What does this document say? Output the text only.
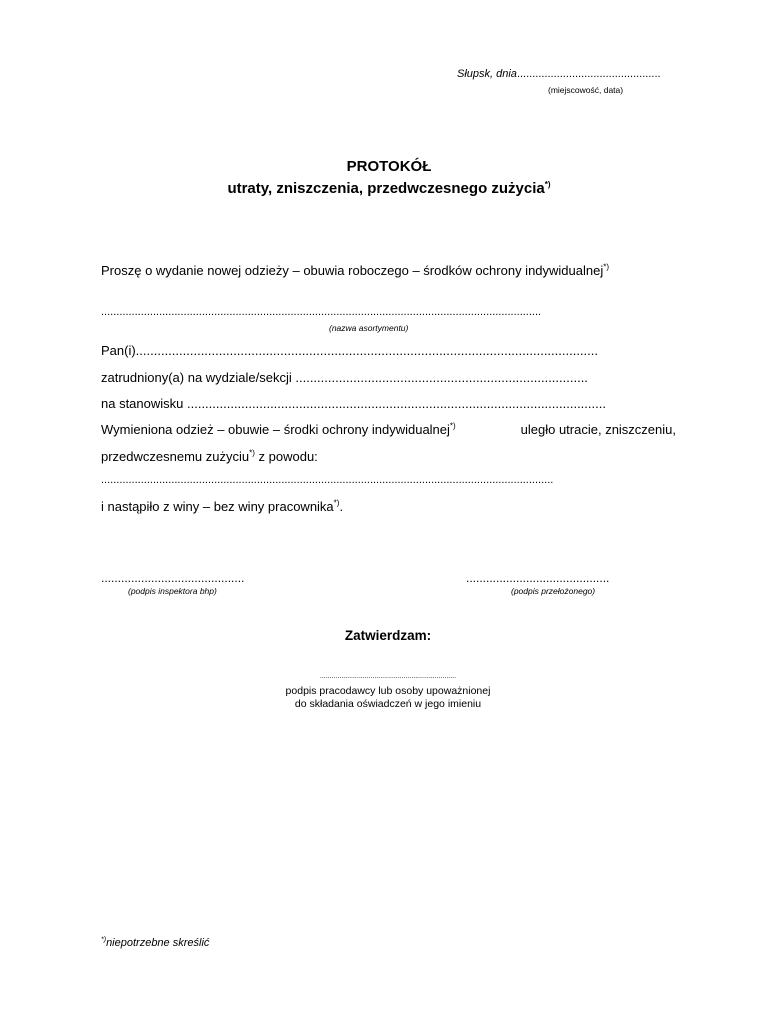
Słupsk, dnia...............................................
(miejscowość, data)
PROTOKÓŁ
utraty, zniszczenia, przedwczesnego zużycia*)
Proszę o wydanie nowej odzieży – obuwia roboczego – środków ochrony indywidualnej*)
................................................................................................................................................
(nazwa asortymentu)
Pan(i)................................................................................................................................
zatrudniony(a) na wydziale/sekcji .................................................................................
na stanowisku ....................................................................................................................
Wymieniona odzież – obuwie – środki ochrony indywidualnej*)	uległo utracie, zniszczeniu,
przedwczesnemu zużyciu*) z powodu:
....................................................................................................................................................
i nastąpiło z winy – bez winy pracownika*).
...........................................
(podpis inspektora bhp)
...........................................
(podpis przełożonego)
Zatwierdzam:
......................................................................
podpis pracodawcy lub osoby upoważnionej
do składania oświadczeń w jego imieniu
*)niepotrzebne skreślić
